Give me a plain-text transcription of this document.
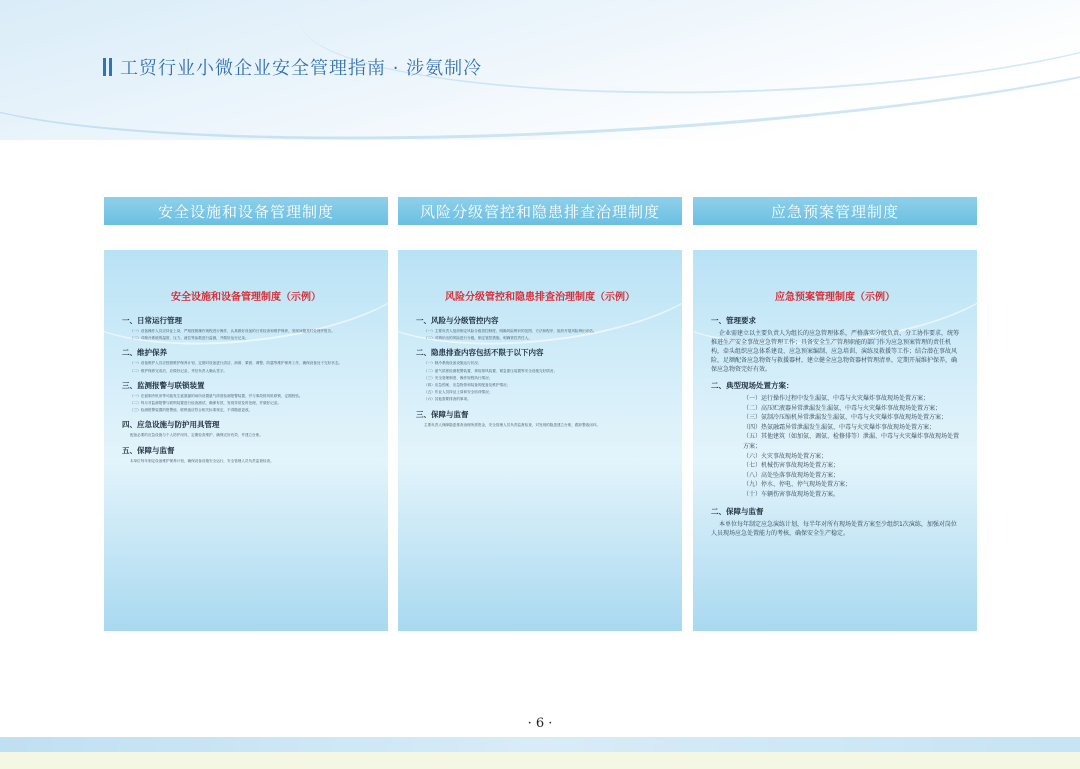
工贸行业小微企业安全管理指南 · 涉氨制冷
安全设施和设备管理制度
安全设施和设备管理制度（示例）
一、日常运行管理

（一）设备操作人员应持证上岗，严格按照操作规程进行操作，认真做好设备的日常检查和维护保养，发现问题及时处理并报告。

（二）对制冷系统的温度、压力、液位等参数进行监测，并做好运行记录。

二、维护保养

（一）设备维护人员应按照维护保养计划，定期对设备进行清洁、润滑、紧固、调整、防腐等维护保养工作，确保设备处于完好状态。

（二）维护保养完成后，应做好记录，并经负责人确认签字。

三、监测报警与联锁装置

（一）在氨制冷机房等可能发生氨泄漏的场所设置氨气浓度检测报警装置，并与事故排风机联锁，定期校验。

（二）每月对监测报警与联锁装置进行检查测试，确保有效，发现异常及时处理，并做好记录。

（三）检测报警装置的报警值、联锁值应符合相关标准规定，不得随意更改。

四、应急设施与防护用具管理

配备必要的应急设施与个人防护用具，定期检查维护，确保完好有效，并建立台账。

五、保障与监督

本单位每年制定设备维护保养计划，确保设备设施安全运行，安全管理人员负责监督检查。

风险分级管控和隐患排查治理制度
风险分级管控和隐患排查治理制度（示例）
一、风险与分级管控内容

（一）主要负责人组织制定风险分级管控制度，明确风险辨识的范围、方法和程序，组织开展风险辨识评估。

（二）对辨识出的风险进行分级，制定管控措施，明确管控责任人。

二、隐患排查内容包括不限于以下内容

（一）制冷系统设备设施运行状况；

（二）氨气浓度检测报警装置、事故排风装置、紧急泄压装置等安全设施完好情况；

（三）安全管理制度、操作规程执行情况；

（四）应急预案、应急物资和装备的配备及维护情况；

（五）作业人员持证上岗和安全培训情况；

（六）其他需要排查的事项。

三、保障与监督

主要负责人保障隐患排查治理所需资金，安全管理人员负责监督检查，对发现的隐患建立台账，跟踪整改闭环。

应急预案管理制度
应急预案管理制度（示例）
一、管理要求

企业需建立以主要负责人为组长的应急管理体系，严格落实分级负责、分工协作要求，统筹推进生产安全事故应急管理工作；具备安全生产管理职能的部门作为应急预案管理的责任机构，牵头组织应急体系建设、应急预案编制、应急培训、演练及救援等工作；结合潜在事故风险，足额配备应急物资与救援器材，建立健全应急物资器材管理清单，定期开展维护保养，确保应急物资完好有效。

二、典型现场处置方案：
（一）运行操作过程中发生漏氨、中毒与火灾爆炸事故现场处置方案；
（二）高压贮液器异常泄漏发生漏氨、中毒与火灾爆炸事故现场处置方案；
（三）氨制冷压缩机异常泄漏发生漏氨、中毒与火灾爆炸事故现场处置方案；
（四）热氨融霜异常泄漏发生漏氨、中毒与火灾爆炸事故现场处置方案；
（五）其他建筑（如加氨、调氨、检修排等）泄漏、中毒与火灾爆炸事故现场处置方案；
（六）火灾事故现场处置方案；
（七）机械伤害事故现场处置方案；
（八）高处坠落事故现场处置方案；
（九）停水、停电、停气现场处置方案；
（十）车辆伤害事故现场处置方案。
二、保障与监督

本单位每年制定应急演练计划，每半年对所有现场处置方案至少组织1次演练，加强对岗位人员现场应急处置能力的考核，确保安全生产稳定。

· 6 ·
